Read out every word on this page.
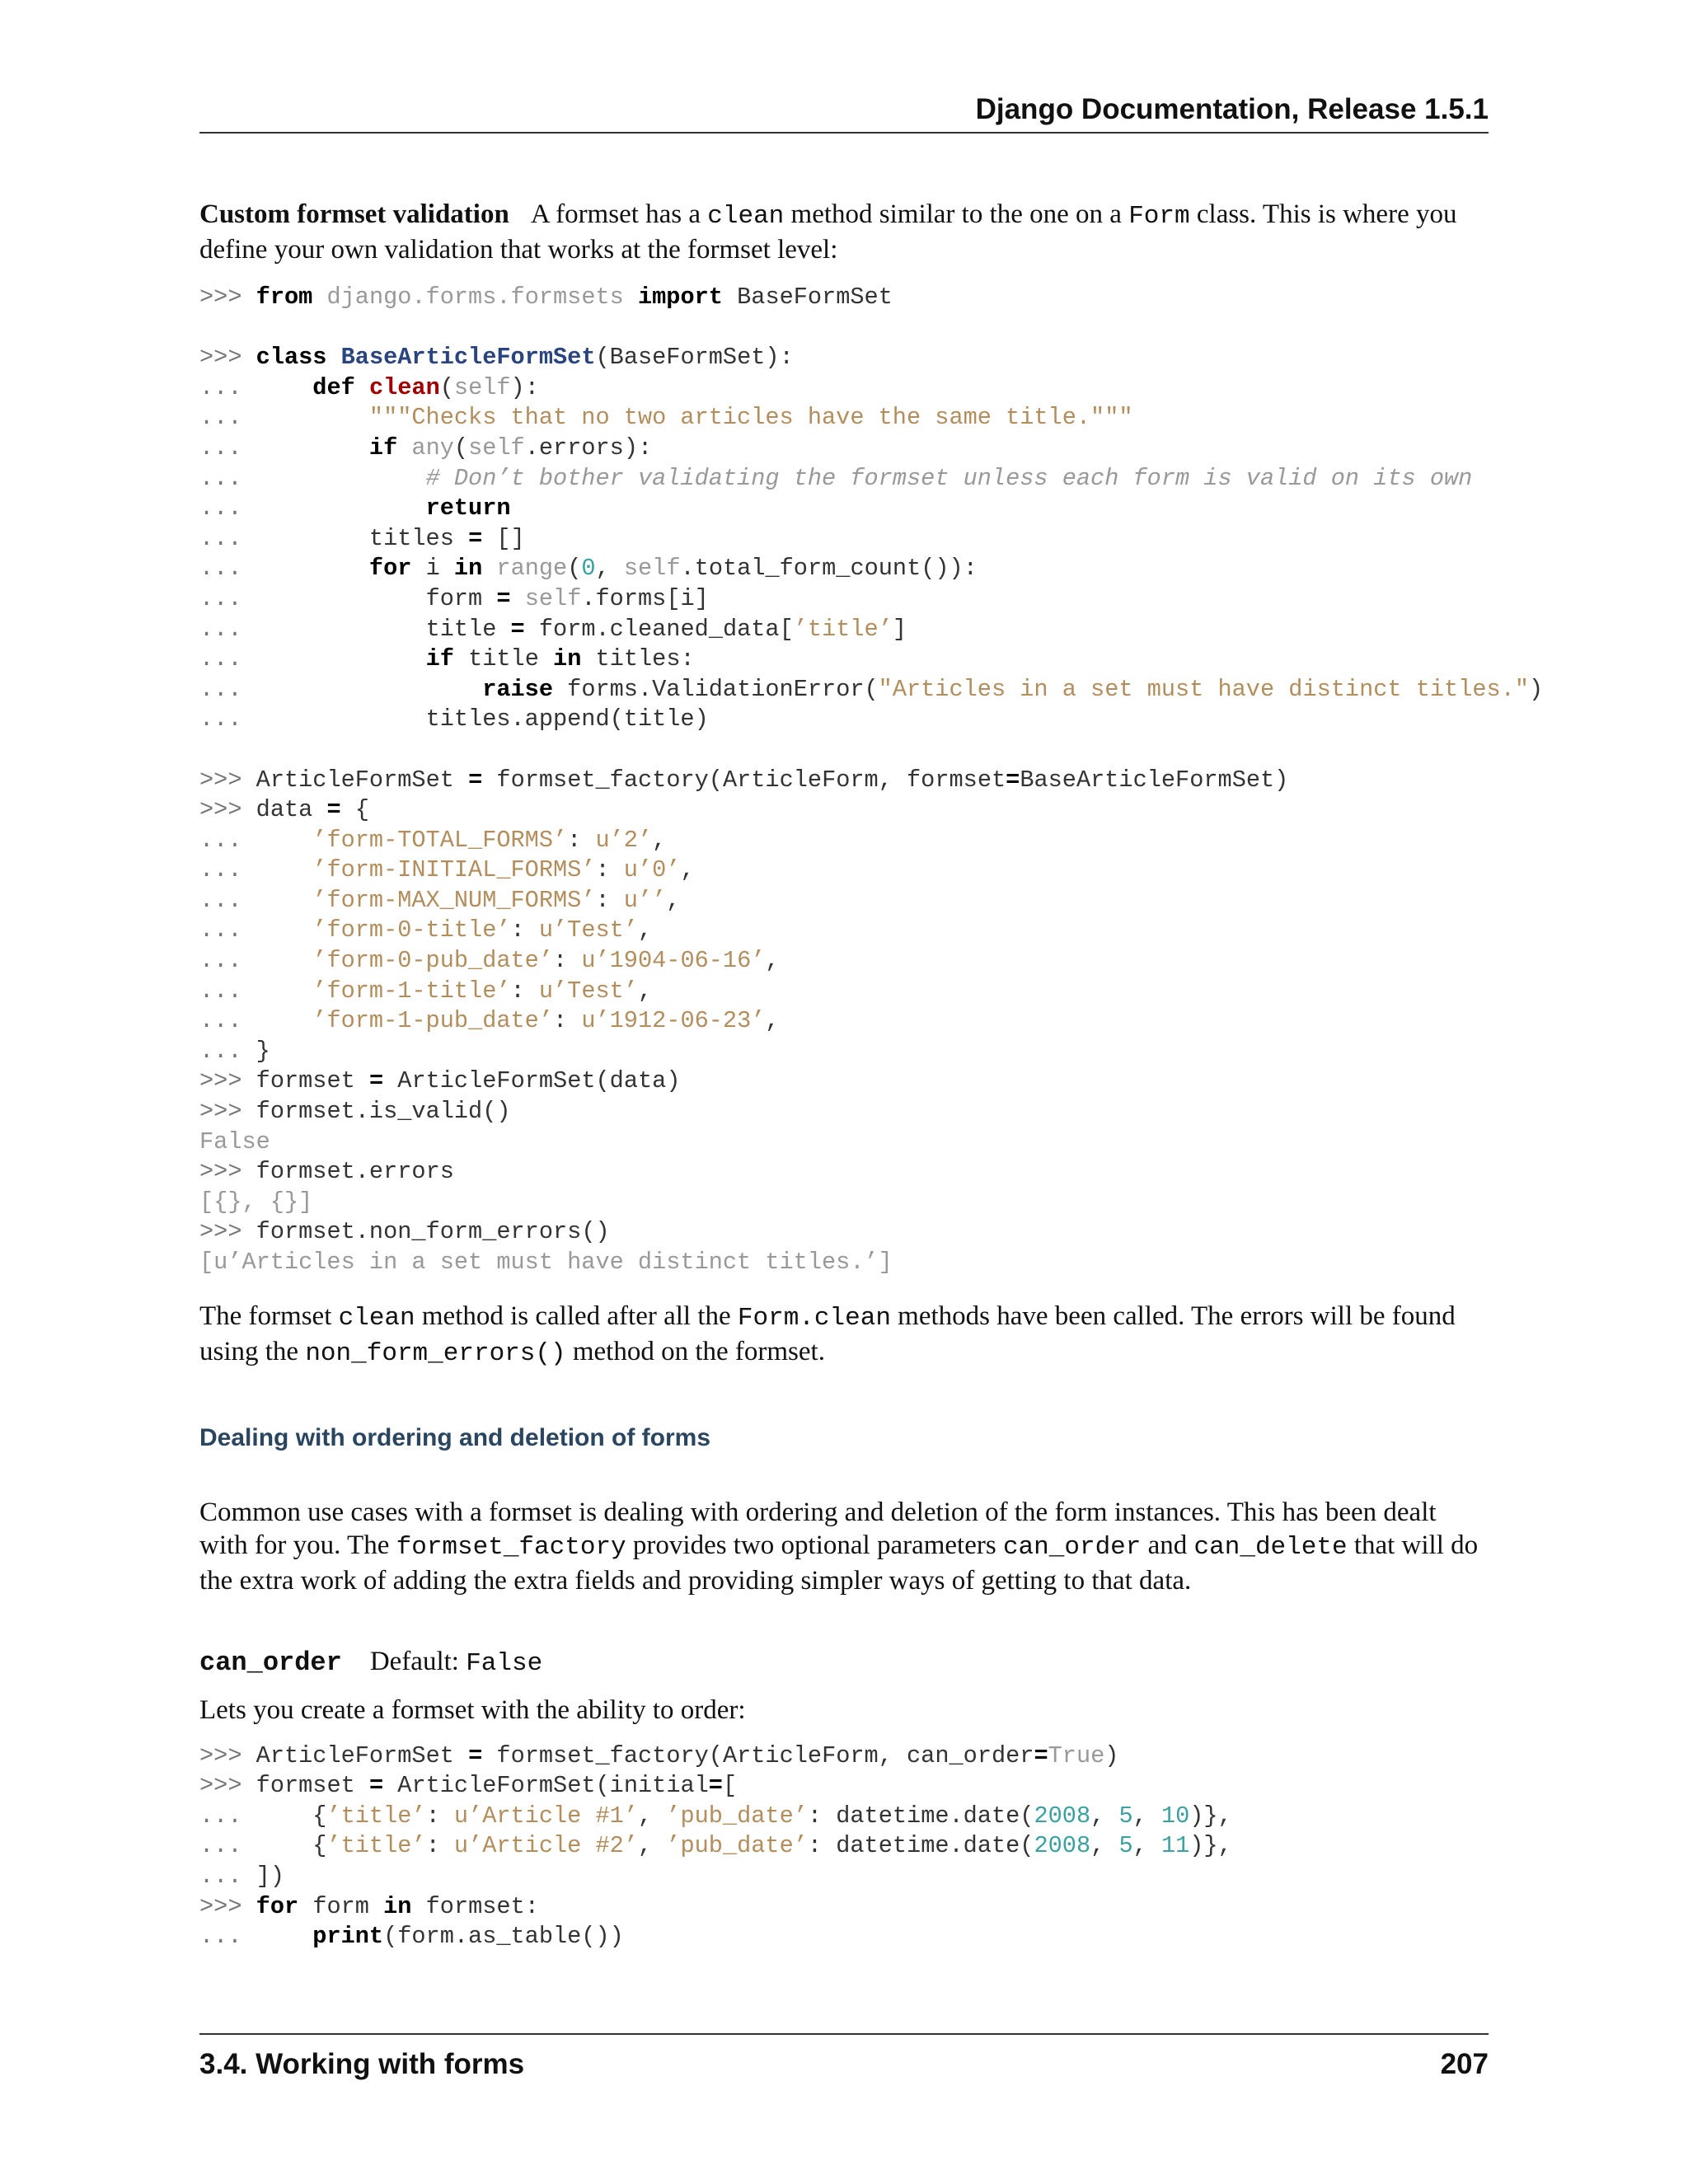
Django Documentation, Release 1.5.1

Custom formset validation A formset has a clean method similar to the one on a Form class. This is where you define your own validation that works at the formset level:

>>> from django.forms.formsets import BaseFormSet

>>> class BaseArticleFormSet(BaseFormSet):
...	def clean(self):
...	"""Checks that no two articles have the same title."""
...	if any(self.errors):
...	# Don’t bother validating the formset unless each form is valid on its own
...	return
...	titles = []
...	for i in range(0, self.total_form_count()):
...	form = self.forms[i]
...	title = form.cleaned_data[’title’]
...	if title in titles:
...	raise forms.ValidationError("Articles in a set must have distinct titles.")
...	titles.append(title)

>>> ArticleFormSet = formset_factory(ArticleForm, formset=BaseArticleFormSet)
>>> data = {
...	’form-TOTAL_FORMS’: u’2’,
...	’form-INITIAL_FORMS’: u’0’,
...	’form-MAX_NUM_FORMS’: u’’,
...	’form-0-title’: u’Test’,
...	’form-0-pub_date’: u’1904-06-16’,
...	’form-1-title’: u’Test’,
...	’form-1-pub_date’: u’1912-06-23’,
... }
>>> formset = ArticleFormSet(data)
>>> formset.is_valid()
False
>>> formset.errors
[{}, {}]
>>> formset.non_form_errors()
[u’Articles in a set must have distinct titles.’]

The formset clean method is called after all the Form.clean methods have been called. The errors will be found using the non_form_errors() method on the formset.

Dealing with ordering and deletion of forms

Common use cases with a formset is dealing with ordering and deletion of the form instances. This has been dealt with for you. The formset_factory provides two optional parameters can_order and can_delete that will do the extra work of adding the extra fields and providing simpler ways of getting to that data.

can_order Default: False

Lets you create a formset with the ability to order:

>>> ArticleFormSet = formset_factory(ArticleForm, can_order=True)
>>> formset = ArticleFormSet(initial=[
...	{’title’: u’Article #1’, ’pub_date’: datetime.date(2008, 5, 10)},
...	{’title’: u’Article #2’, ’pub_date’: datetime.date(2008, 5, 11)},
... ])
>>> for form in formset:
...	print(form.as_table())
3.4. Working with forms	207
